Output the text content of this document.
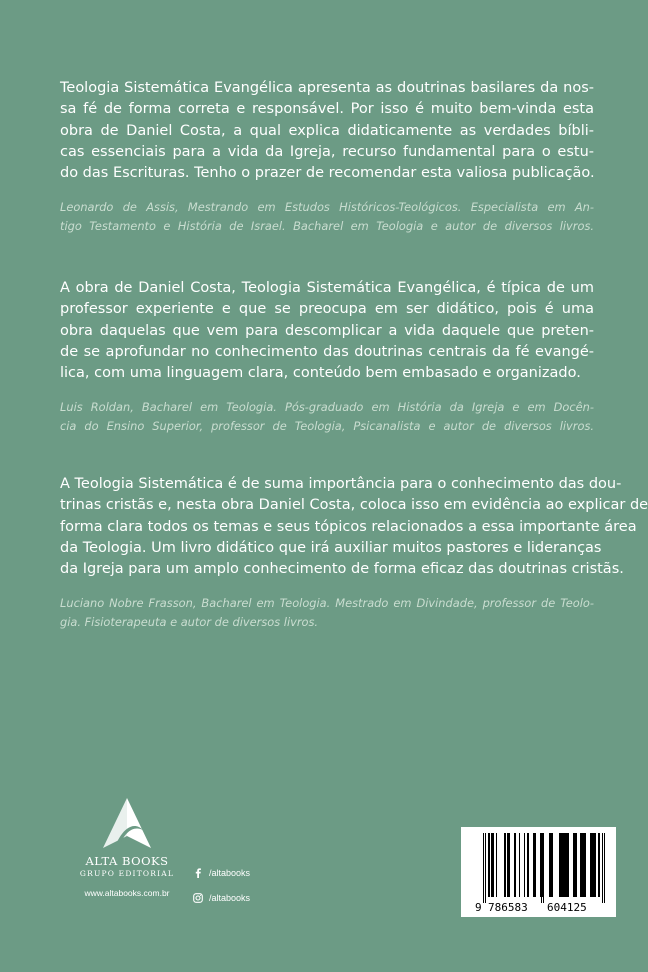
Teologia Sistemática Evangélica apresenta as doutrinas basilares da nos-
sa fé de forma correta e responsável. Por isso é muito bem-vinda esta
obra de Daniel Costa, a qual explica didaticamente as verdades bíbli-
cas essenciais para a vida da Igreja, recurso fundamental para o estu-
do das Escrituras. Tenho o prazer de recomendar esta valiosa publicação.

Leonardo de Assis, Mestrando em Estudos Históricos-Teológicos. Especialista em An-
tigo Testamento e História de Israel. Bacharel em Teologia e autor de diversos livros.

A obra de Daniel Costa, Teologia Sistemática Evangélica, é típica de um
professor experiente e que se preocupa em ser didático, pois é uma
obra daquelas que vem para descomplicar a vida daquele que preten-
de se aprofundar no conhecimento das doutrinas centrais da fé evangé-
lica, com uma linguagem clara, conteúdo bem embasado e organizado.

Luis Roldan, Bacharel em Teologia. Pós-graduado em História da Igreja e em Docên-
cia do Ensino Superior, professor de Teologia, Psicanalista e autor de diversos livros.

A Teologia Sistemática é de suma importância para o conhecimento das dou-
trinas cristãs e, nesta obra Daniel Costa, coloca isso em evidência ao explicar de
forma clara todos os temas e seus tópicos relacionados a essa importante área
da Teologia. Um livro didático que irá auxiliar muitos pastores e lideranças
da Igreja para um amplo conhecimento de forma eficaz das doutrinas cristãs.

Luciano Nobre Frasson, Bacharel em Teologia. Mestrado em Divindade, professor de Teolo-
gia. Fisioterapeuta e autor de diversos livros.

ALTA BOOKS
GRUPO EDITORIAL
www.altabooks.com.br
/altabooks
/altabooks
9 786583 604125
